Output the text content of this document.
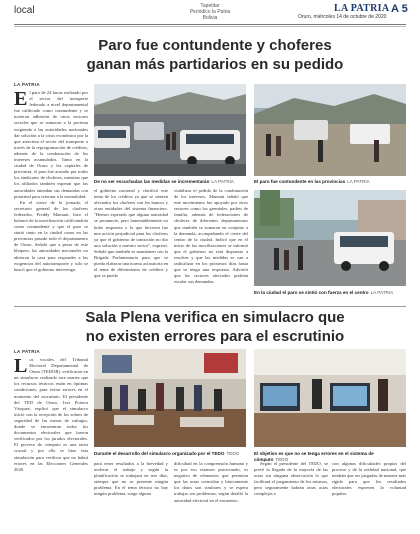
local	Tapetitar
Periódico la Patria Bolivia
LA PATRIA
Oruro, miércoles 14 de octubre de 2020
A 5
Paro fue contundente y choferes
ganan más partidarios en su pedido
LA PATRIA

El paro de 24 horas realizado por el sector del transporte federado a nivel departamental fue calificado como contundente y se tuvieron adhesión de otros sectores sociales que se sumaron a la protesta exigiendo a las autoridades nacionales dar solución a la crisis económica por la que atraviesa el sector del transporte a través de la reprogramación de créditos, además de la condonación de los intereses acumulados. Tanto en la ciudad de Oruro y las capitales de provincia, el paro fue acatado por todos los sindicatos de choferes, mientras que los afiliados también esperan que las autoridades atiendan sus demandas con prontitud para retornar a la normalidad.

En el cierre de la jornada, el secretario general de los choferes federados, Freddy Mamani, hizo el balance de la movilización calificándola como contundente y que el paro se sintió tanto en la ciudad como en las provincias pasado todo el departamento de Oruro. Señaló que a pesar de este bloqueo, las autoridades nacionales no abrieron la casa para responder a las exigencias del autotransporte y solo se buscó que el gobierno intervenga.

De no ser escuchadas las medidas se incrementarán LA PATRIA	El paro fue contundente en las provincias LA PATRIA

el gobierno nacional y clarificó este tema de los créditos ya que se sienten afectados los choferes con los bancos y otras entidades del sistema financiero. "Hemos esperado que alguna autoridad se pronuncie, pero lamentablemente no hubo respuesta y lo que hicieron fue una acción perjudicial para los choferes ya que el gobierno de transición no dio una solución a nuestro sector", expresó. Señaló que también se mantienen con la Brigada Parlamentaria para que se pueda elaborar una norma aclaratoria en el tema de diferimiento de créditos y que se pueda

viabilizar el pedido de la condonación de los intereses. Mamani señaló que este movimiento fue apoyado por otros sectores como los gremiales, padres de familia, además de federaciones de choferes de diferentes departamentos que también se sumaron en conjunto a la demanda, acompañando el cierre del centro de la ciudad. Indicó que en el inicio de las movilizaciones se informó que el gobierno no está dispuesto a resolver y que las medidas se van a radicalizar en los próximos días hasta que se tenga una respuesta. Advirtió que los sectores afectados podrían escalar sus demandas.

En la ciudad el paro se sintió con fuerza en el centro LA PATRIA
Sala Plena verifica en simulacro que
no existen errores para el escrutinio
LA PATRIA

Los vocales del Tribunal Electoral Departamental de Oruro (TEDOR), verificaron en un simulacro realizado este martes que los recursos técnicos están en óptimas condiciones, para evitar errores en el momento del escrutinio. El presidente del TED de Oruro, Iver Portera Vásquez, explicó que el simulacro inició con la recepción de los sobres de seguridad de las mesas de sufragio, donde se encuentran todos los documentos electorales que fueron verificados por los jurados electorales. El proceso de cómputo es una tarea crucial y por ello se hizo esta simulación para verificar que no habrá errores en las Elecciones Generales 2020.

Durante el desarrollo del simulacro organizado por el TEDO TEDO	El objetivo es que no se tenga errores en el sistema de cómputo TEDO

para tener resultados a la brevedad y acelerar el trabajo y según la planificación se trabajará en tres días, siempre que no se presente ningún problema. En el tema técnico no hay ningún problema, surge alguna

dificultad en la comprensión humana y es por eso estamos practicando, es negativo de elementos que permitan que las actas coincidan y básicamente los datos son similares y se espera trabajar sin problemas, según detalló la autoridad electoral en el encuentro.

Según el presidente del TEDO, se prevé la llegada de la mayoría de las actas sin ninguna observación lo que facilitará el juzgamiento de los mismos, pero seguramente habrán otras actas complejas o

con algunas dificultades propias del proceso y de la realidad nacional, que tendrán que ser juzgadas de manera más rígida para que los resultados electorales expresen la voluntad popular.
